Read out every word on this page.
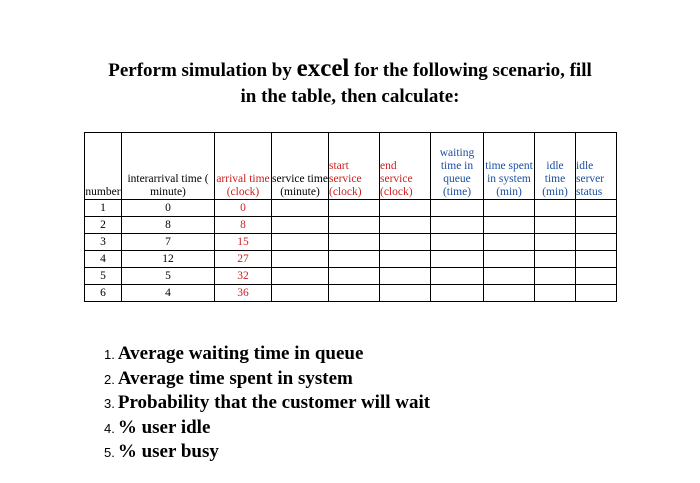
Perform simulation by excel for the following scenario, fill
in the table, then calculate:
number	interarrival time ( minute)	arrival time (clock)	service time (minute)	start service (clock)	end service (clock)	waiting time in queue (time)	time spent in system (min)	idle time (min)	idle server status
1	0	0							
2	8	8							
3	7	15							
4	12	27							
5	5	32							
6	4	36							
1. Average waiting time in queue
2. Average time spent in system
3. Probability that the customer will wait
4. % user idle
5. % user busy
